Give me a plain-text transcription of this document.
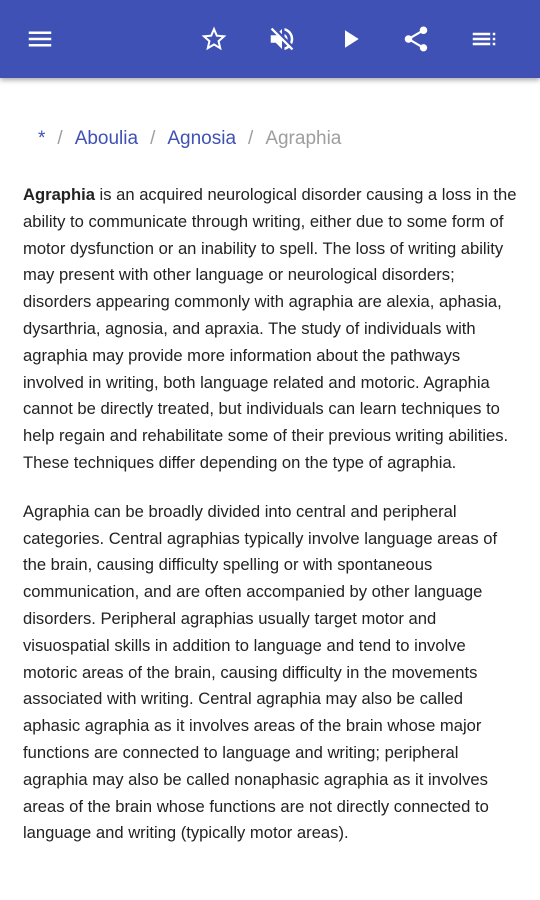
* / Aboulia / Agnosia / Agraphia

Agraphia is an acquired neurological disorder causing a loss in the ability to communicate through writing, either due to some form of motor dysfunction or an inability to spell. The loss of writing ability may present with other language or neurological disorders; disorders appearing commonly with agraphia are alexia, aphasia, dysarthria, agnosia, and apraxia. The study of individuals with agraphia may provide more information about the pathways involved in writing, both language related and motoric. Agraphia cannot be directly treated, but individuals can learn techniques to help regain and rehabilitate some of their previous writing abilities. These techniques differ depending on the type of agraphia.

Agraphia can be broadly divided into central and peripheral categories. Central agraphias typically involve language areas of the brain, causing difficulty spelling or with spontaneous communication, and are often accompanied by other language disorders. Peripheral agraphias usually target motor and visuospatial skills in addition to language and tend to involve motoric areas of the brain, causing difficulty in the movements associated with writing. Central agraphia may also be called aphasic agraphia as it involves areas of the brain whose major functions are connected to language and writing; peripheral agraphia may also be called nonaphasic agraphia as it involves areas of the brain whose functions are not directly connected to language and writing (typically motor areas).
